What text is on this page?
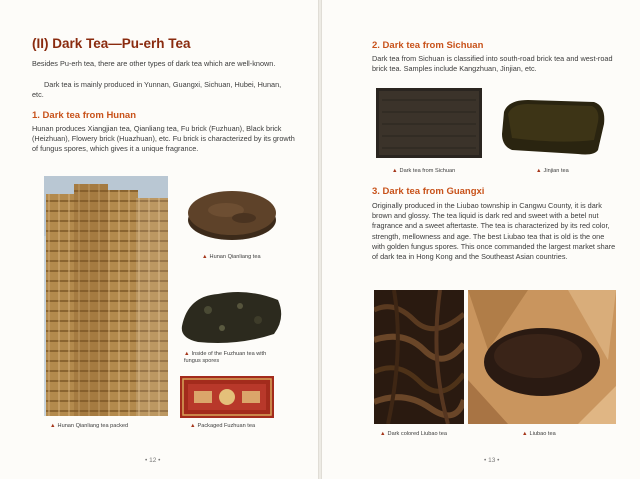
(II) Dark Tea—Pu-erh Tea
Besides Pu-erh tea, there are other types of dark tea which are well-known.
Dark tea is mainly produced in Yunnan, Guangxi, Sichuan, Hubei, Hunan, etc.
1. Dark tea from Hunan
Hunan produces Xiangjian tea, Qianliang tea, Fu brick (Fuzhuan), Black brick (Heizhuan), Flowery brick (Huazhuan), etc. Fu brick is characterized by its growth of fungus spores, which gives it a unique fragrance.
▲ Hunan Qianliang tea packed
▲ Hunan Qianliang tea
▲ Inside of the Fuzhuan tea with fungus spores
▲ Packaged Fuzhuan tea
• 12 •
2. Dark tea from Sichuan
Dark tea from Sichuan is classified into south-road brick tea and west-road brick tea. Samples include Kangzhuan, Jinjian, etc.
▲ Dark tea from Sichuan	▲ Jinjian tea
3. Dark tea from Guangxi
Originally produced in the Liubao township in Cangwu County, it is dark brown and glossy. The tea liquid is dark red and sweet with a betel nut fragrance and a sweet aftertaste. The tea is characterized by its red color, strength, mellowness and age. The best Liubao tea that is old is the one with golden fungus spores. This once commanded the largest market share of dark tea in Hong Kong and the Southeast Asian countries.
▲ Dark colored Liubao tea	▲ Liubao tea
• 13 •
